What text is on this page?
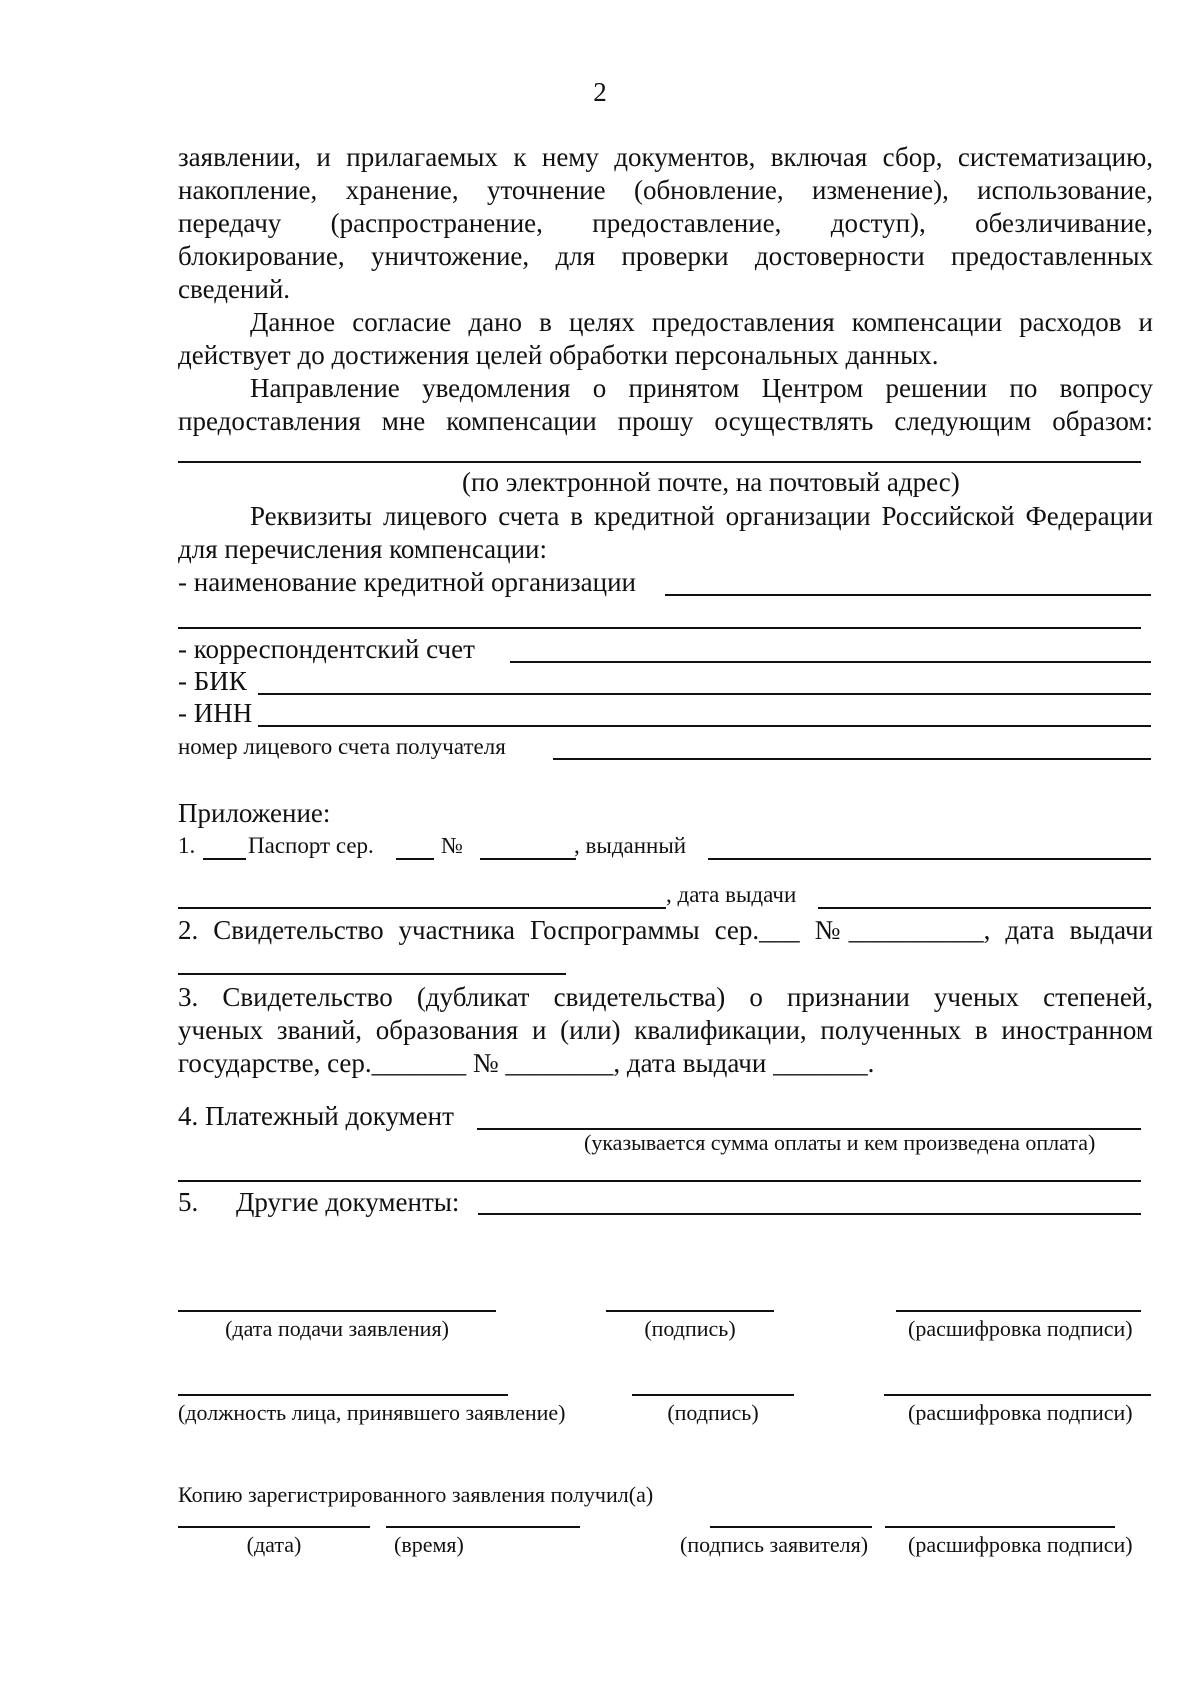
2
заявлении, и прилагаемых к нему документов, включая сбор, систематизацию,
накопление, хранение, уточнение (обновление, изменение), использование,
передачу (распространение, предоставление, доступ), обезличивание,
блокирование, уничтожение, для проверки достоверности предоставленных
сведений.
Данное согласие дано в целях предоставления компенсации расходов и
действует до достижения целей обработки персональных данных.
Направление уведомления о принятом Центром решении по вопросу
предоставления мне компенсации прошу осуществлять следующим образом:
(по электронной почте, на почтовый адрес)
Реквизиты лицевого счета в кредитной организации Российской Федерации
для перечисления компенсации:
- наименование кредитной организации
- корреспондентский счет
- БИК
- ИНН
номер лицевого счета получателя
Приложение:
1. Паспорт сер.	№	, выданный
, дата выдачи
2. Свидетельство участника Госпрограммы сер.___ №__________, дата выдачи
3. Свидетельство (дубликат свидетельства) о признании ученых степеней,
ученых званий, образования и (или) квалификации, полученных в иностранном
государстве, сер._______ № ________, дата выдачи _______.
4. Платежный документ
(указывается сумма оплаты и кем произведена оплата)
5. Другие документы:
(дата подачи заявления)	(подпись)	(расшифровка подписи)
(должность лица, принявшего заявление)	(подпись)	(расшифровка подписи)
Копию зарегистрированного заявления получил(а)
(дата)	(время)	(подпись заявителя) (расшифровка подписи)
